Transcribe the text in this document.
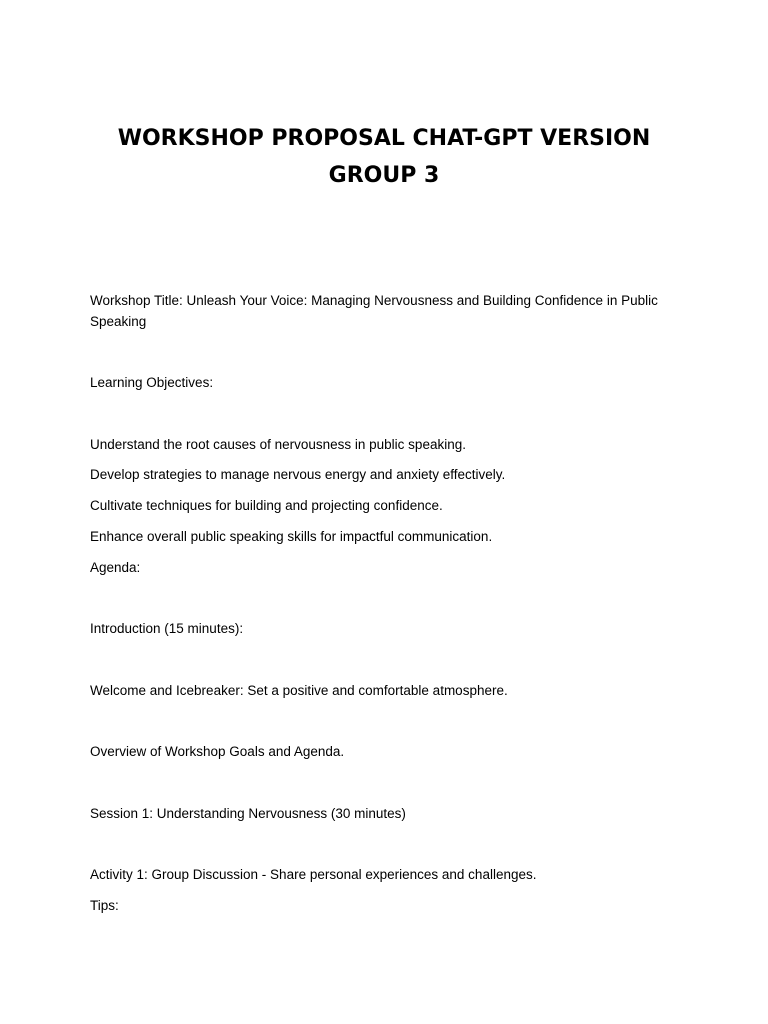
WORKSHOP PROPOSAL CHAT-GPT VERSION
GROUP 3

Workshop Title: Unleash Your Voice: Managing Nervousness and Building Confidence in Public Speaking

Learning Objectives:

Understand the root causes of nervousness in public speaking.

Develop strategies to manage nervous energy and anxiety effectively.

Cultivate techniques for building and projecting confidence.

Enhance overall public speaking skills for impactful communication.

Agenda:

Introduction (15 minutes):

Welcome and Icebreaker: Set a positive and comfortable atmosphere.

Overview of Workshop Goals and Agenda.

Session 1: Understanding Nervousness (30 minutes)

Activity 1: Group Discussion - Share personal experiences and challenges.

Tips:
